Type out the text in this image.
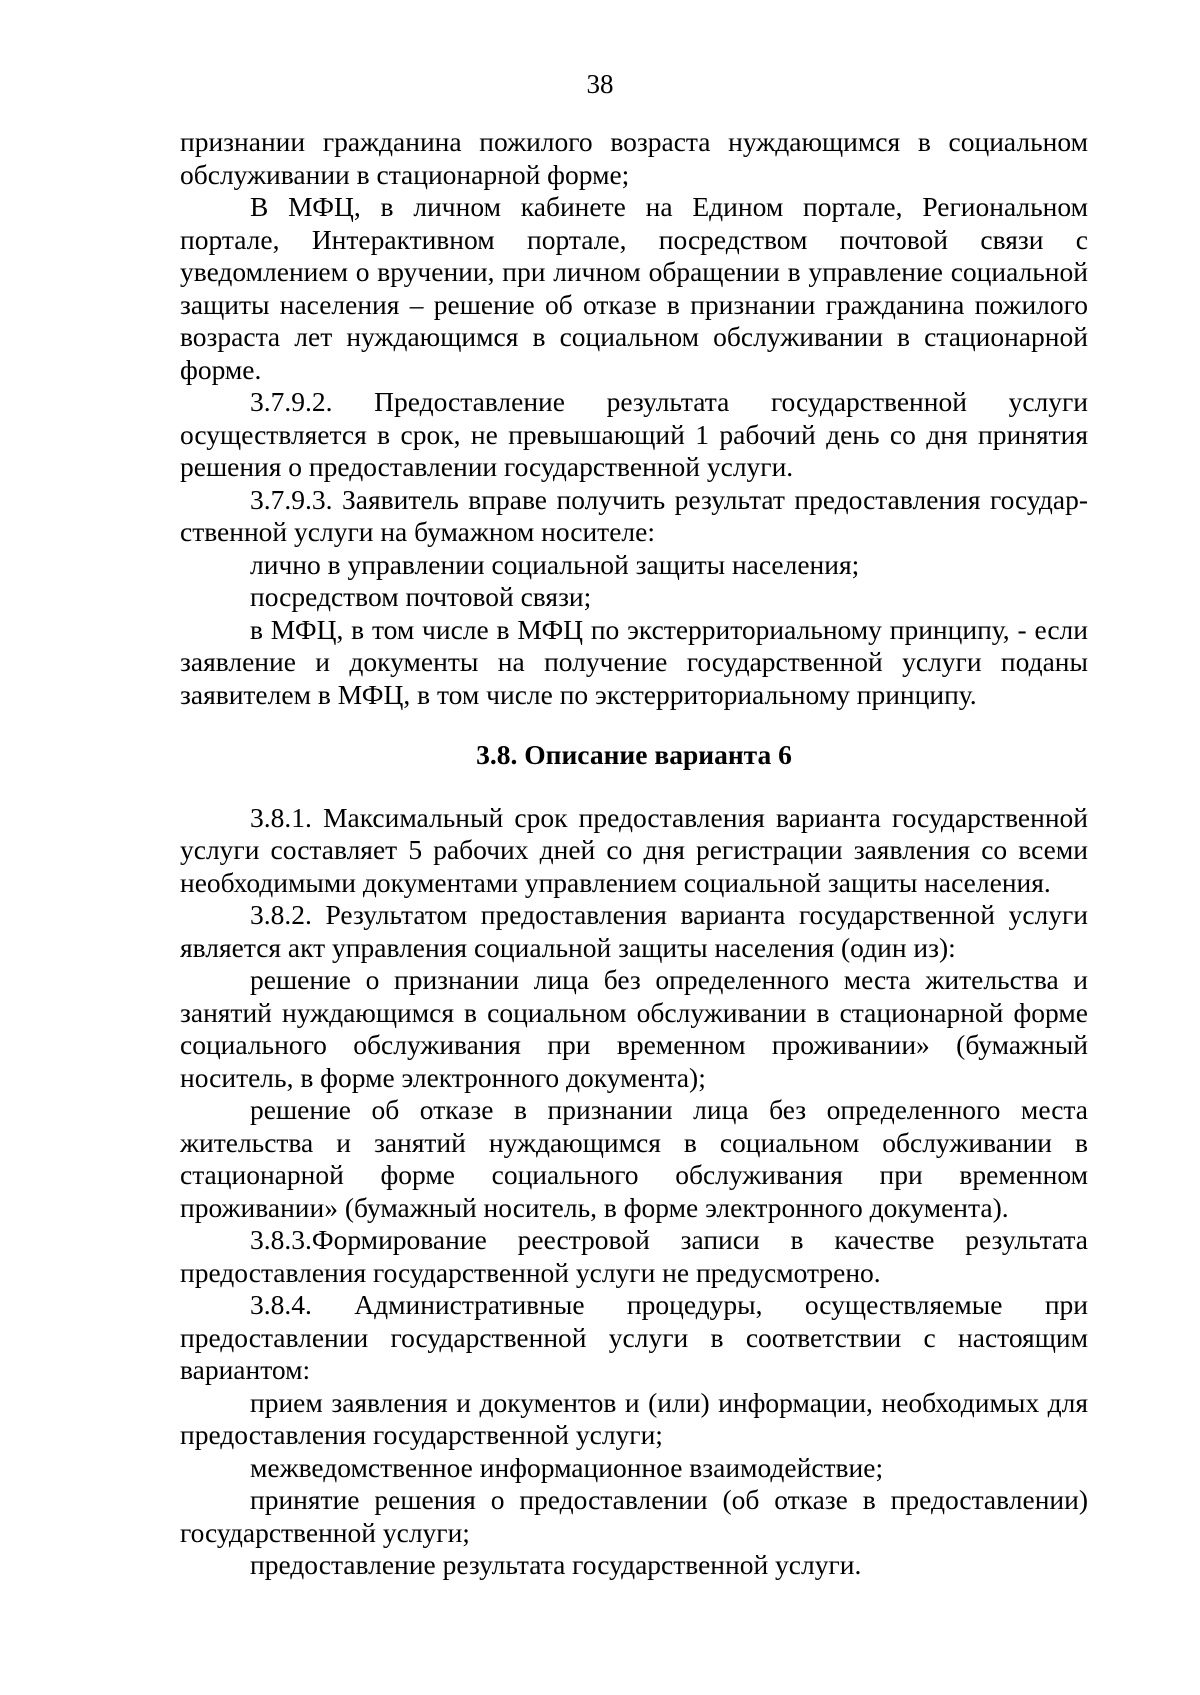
38

признании гражданина пожилого возраста нуждающимся в социальном обслуживании в стационарной форме;

В МФЦ, в личном кабинете на Едином портале, Региональном портале, Интерактивном портале, посредством почтовой связи с уведомлением о вручении, при личном обращении в управление социальной защиты населения – решение об отказе в признании гражданина пожилого возраста лет нуждающимся в социальном обслуживании в стационарной форме.

3.7.9.2. Предоставление результата государственной услуги осуществляется в срок, не превышающий 1 рабочий день со дня принятия решения о предоставлении государственной услуги.

3.7.9.3. Заявитель вправе получить результат предоставления государственной услуги на бумажном носителе:

лично в управлении социальной защиты населения;

посредством почтовой связи;

в МФЦ, в том числе в МФЦ по экстерриториальному принципу, - если заявление и документы на получение государственной услуги поданы заявителем в МФЦ, в том числе по экстерриториальному принципу.

3.8. Описание варианта 6

3.8.1. Максимальный срок предоставления варианта государственной услуги составляет 5 рабочих дней со дня регистрации заявления со всеми необходимыми документами управлением социальной защиты населения.

3.8.2. Результатом предоставления варианта государственной услуги является акт управления социальной защиты населения (один из):

решение о признании лица без определенного места жительства и занятий нуждающимся в социальном обслуживании в стационарной форме социального обслуживания при временном проживании» (бумажный носитель, в форме электронного документа);

решение об отказе в признании лица без определенного места жительства и занятий нуждающимся в социальном обслуживании в стационарной форме социального обслуживания при временном проживании» (бумажный носитель, в форме электронного документа).

3.8.3.Формирование реестровой записи в качестве результата предоставления государственной услуги не предусмотрено.

3.8.4. Административные процедуры, осуществляемые при предоставлении государственной услуги в соответствии с настоящим вариантом:

прием заявления и документов и (или) информации, необходимых для предоставления государственной услуги;

межведомственное информационное взаимодействие;

принятие решения о предоставлении (об отказе в предоставлении) государственной услуги;

предоставление результата государственной услуги.
